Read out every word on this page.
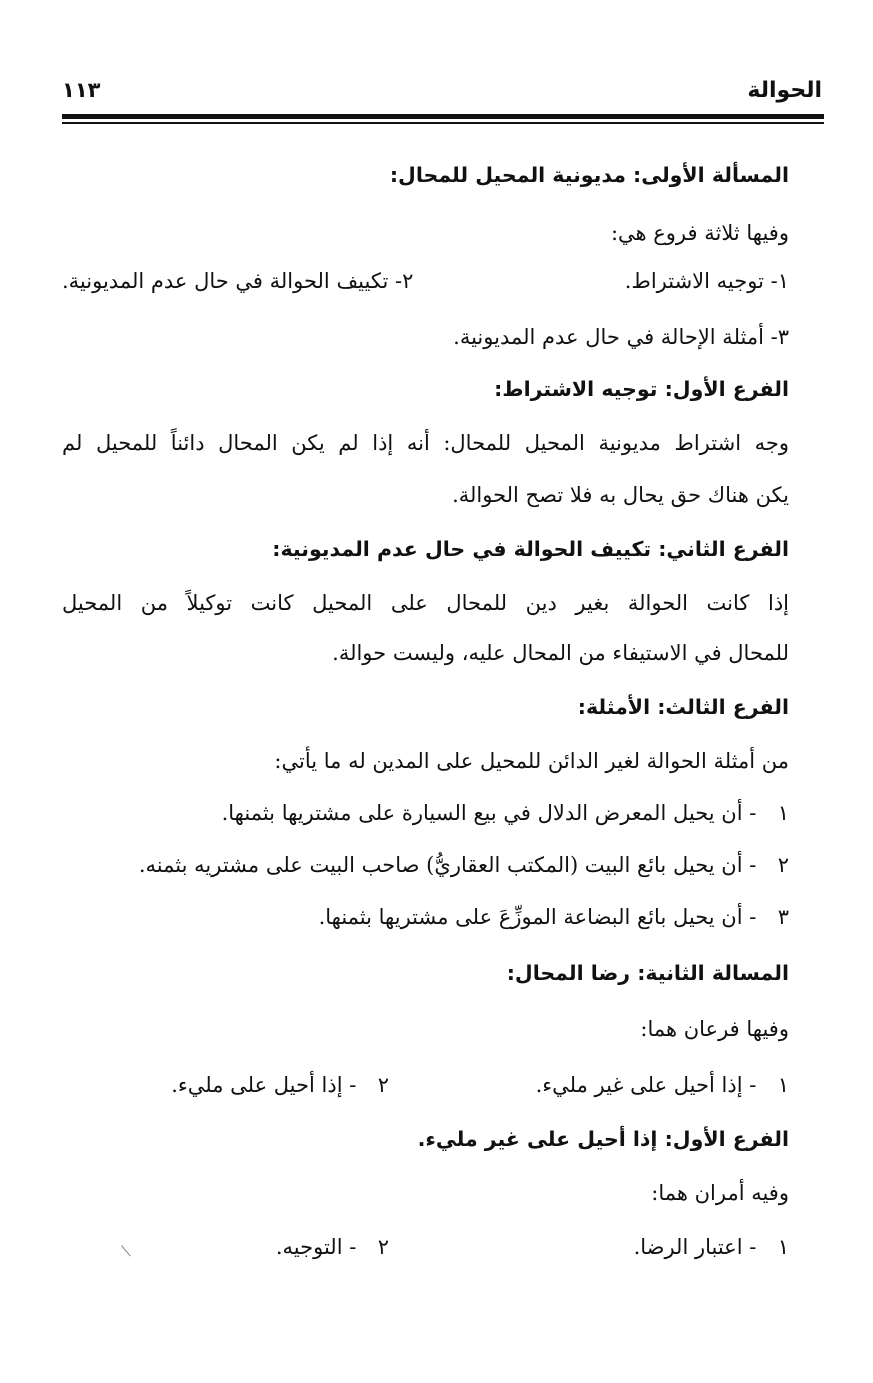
الحوالة
١١٣
المسألة الأولى: مديونية المحيل للمحال:
وفيها ثلاثة فروع هي:
١- توجيه الاشتراط.
٢- تكييف الحوالة في حال عدم المديونية.
٣- أمثلة الإحالة في حال عدم المديونية.
الفرع الأول: توجيه الاشتراط:
وجه اشتراط مديونية المحيل للمحال: أنه إذا لم يكن المحال دائناً للمحيل لم
يكن هناك حق يحال به فلا تصح الحوالة.
الفرع الثاني: تكييف الحوالة في حال عدم المديونية:
إذا كانت الحوالة بغير دين للمحال على المحيل كانت توكيلاً من المحيل
للمحال في الاستيفاء من المحال عليه، وليست حوالة.
الفرع الثالث: الأمثلة:
من أمثلة الحوالة لغير الدائن للمحيل على المدين له ما يأتي:
١ - أن يحيل المعرض الدلال في بيع السيارة على مشتريها بثمنها.
٢ - أن يحيل بائع البيت (المكتب العقاريُّ) صاحب البيت على مشتريه بثمنه.
٣ - أن يحيل بائع البضاعة الموزِّعَ على مشتريها بثمنها.
المسالة الثانية: رضا المحال:
وفيها فرعان هما:
١ - إذا أحيل على غير مليء.
٢ - إذا أحيل على مليء.
الفرع الأول: إذا أحيل على غير مليء.
وفيه أمران هما:
١ - اعتبار الرضا.
٢ - التوجيه.
